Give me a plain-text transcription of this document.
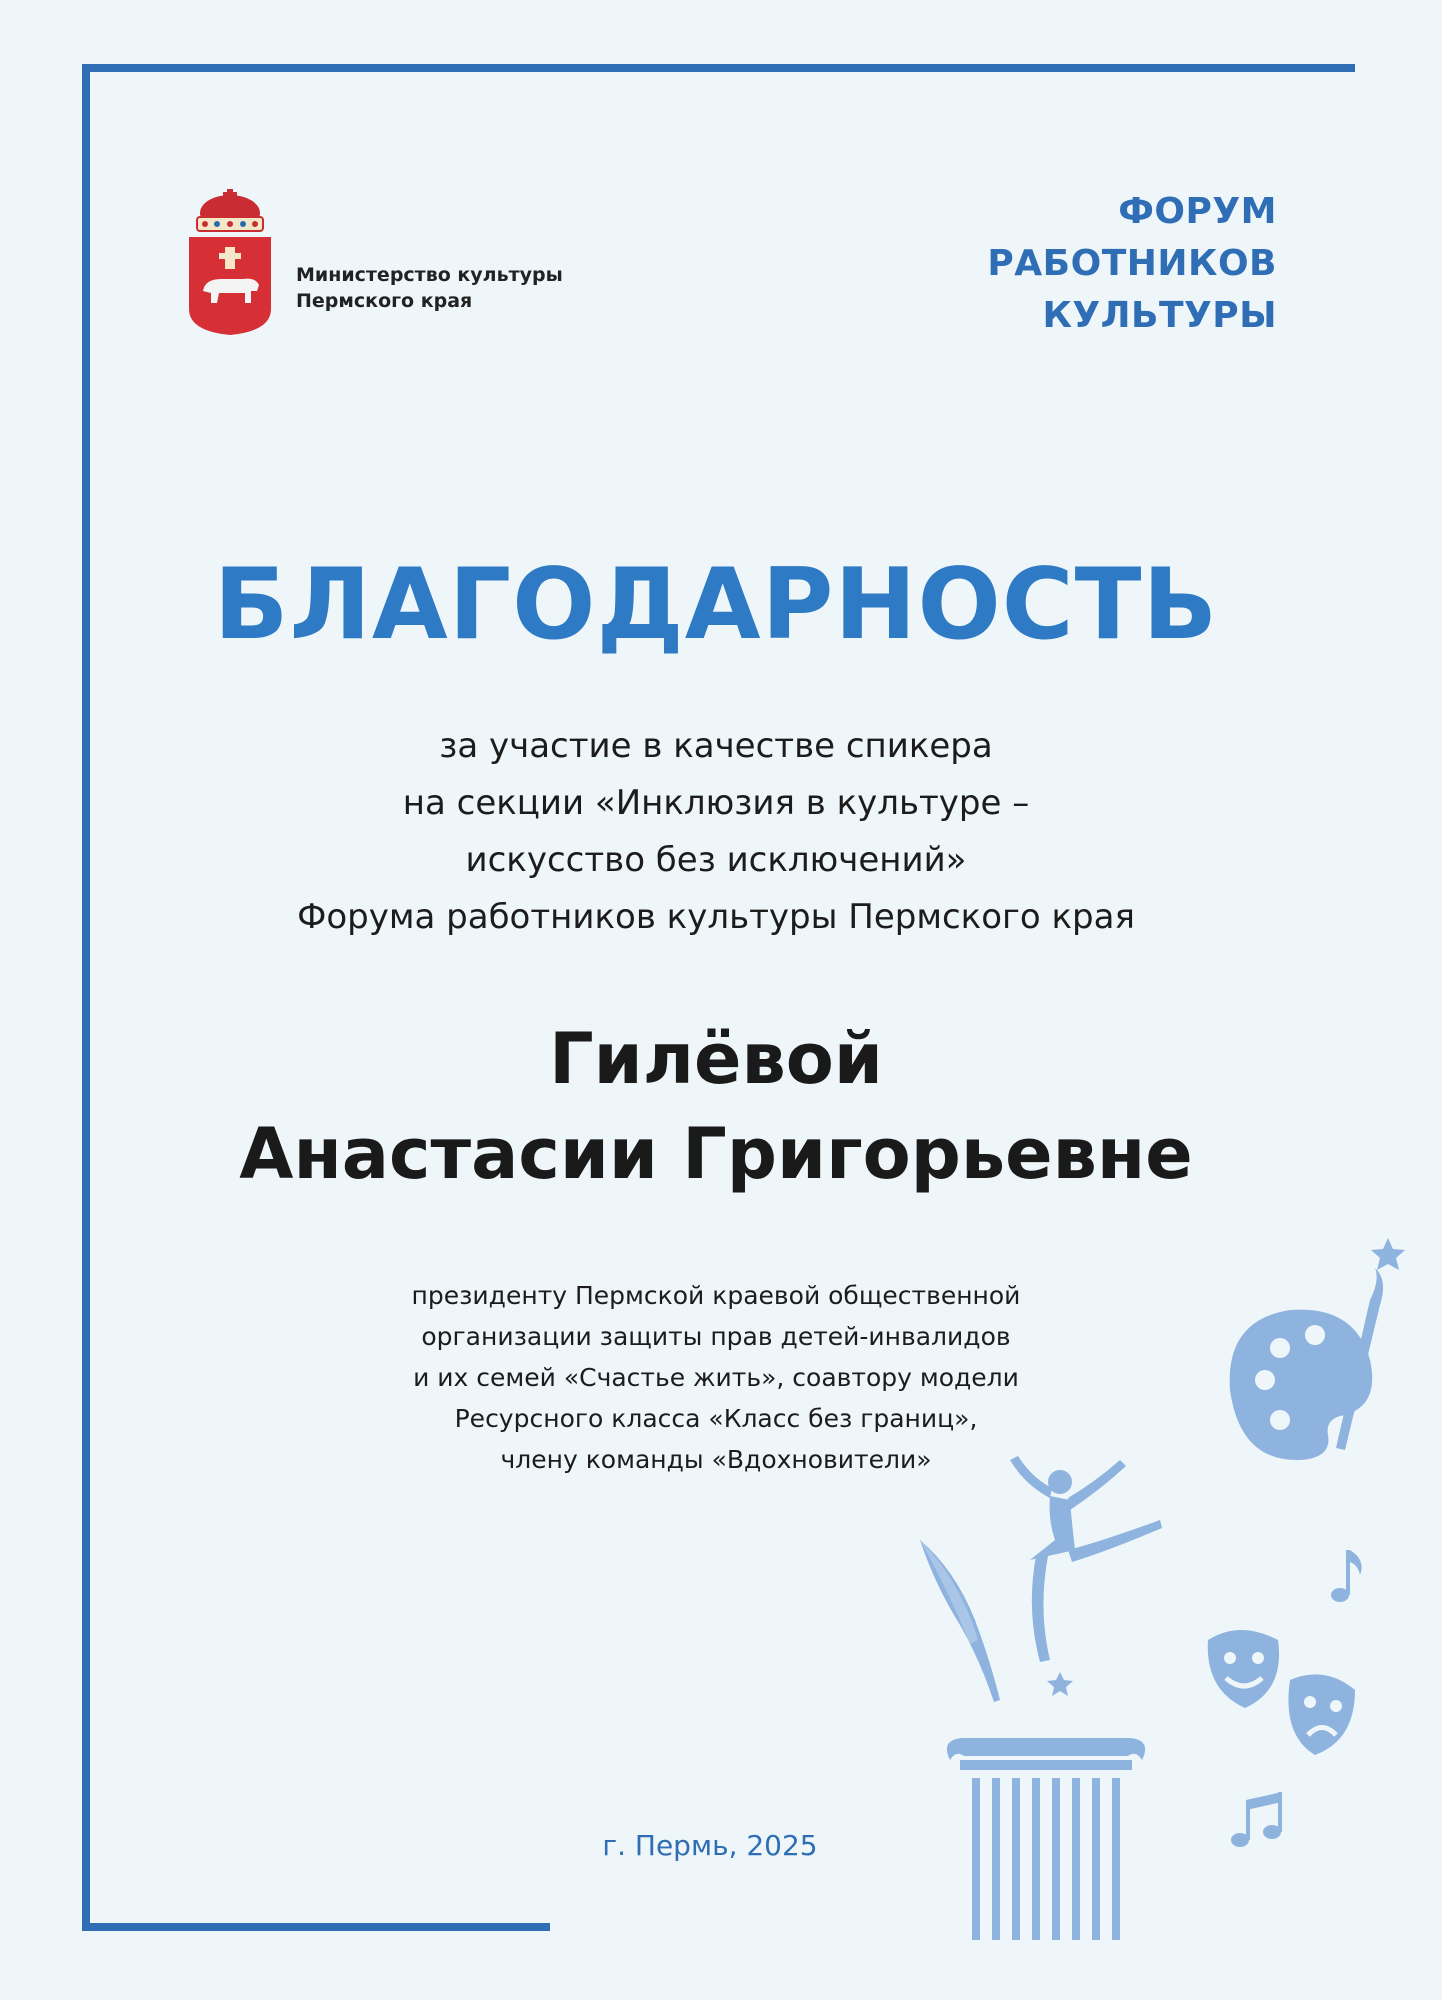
Министерство культуры
Пермского края
ФОРУМ
РАБОТНИКОВ
КУЛЬТУРЫ
БЛАГОДАРНОСТЬ
за участие в качестве спикера
на секции «Инклюзия в культуре –
искусство без исключений»
Форума работников культуры Пермского края
Гилёвой
Анастасии Григорьевне
президенту Пермской краевой общественной
организации защиты прав детей-инвалидов
и их семей «Счастье жить», соавтору модели
Ресурсного класса «Класс без границ»,
члену команды «Вдохновители»
г. Пермь, 2025
